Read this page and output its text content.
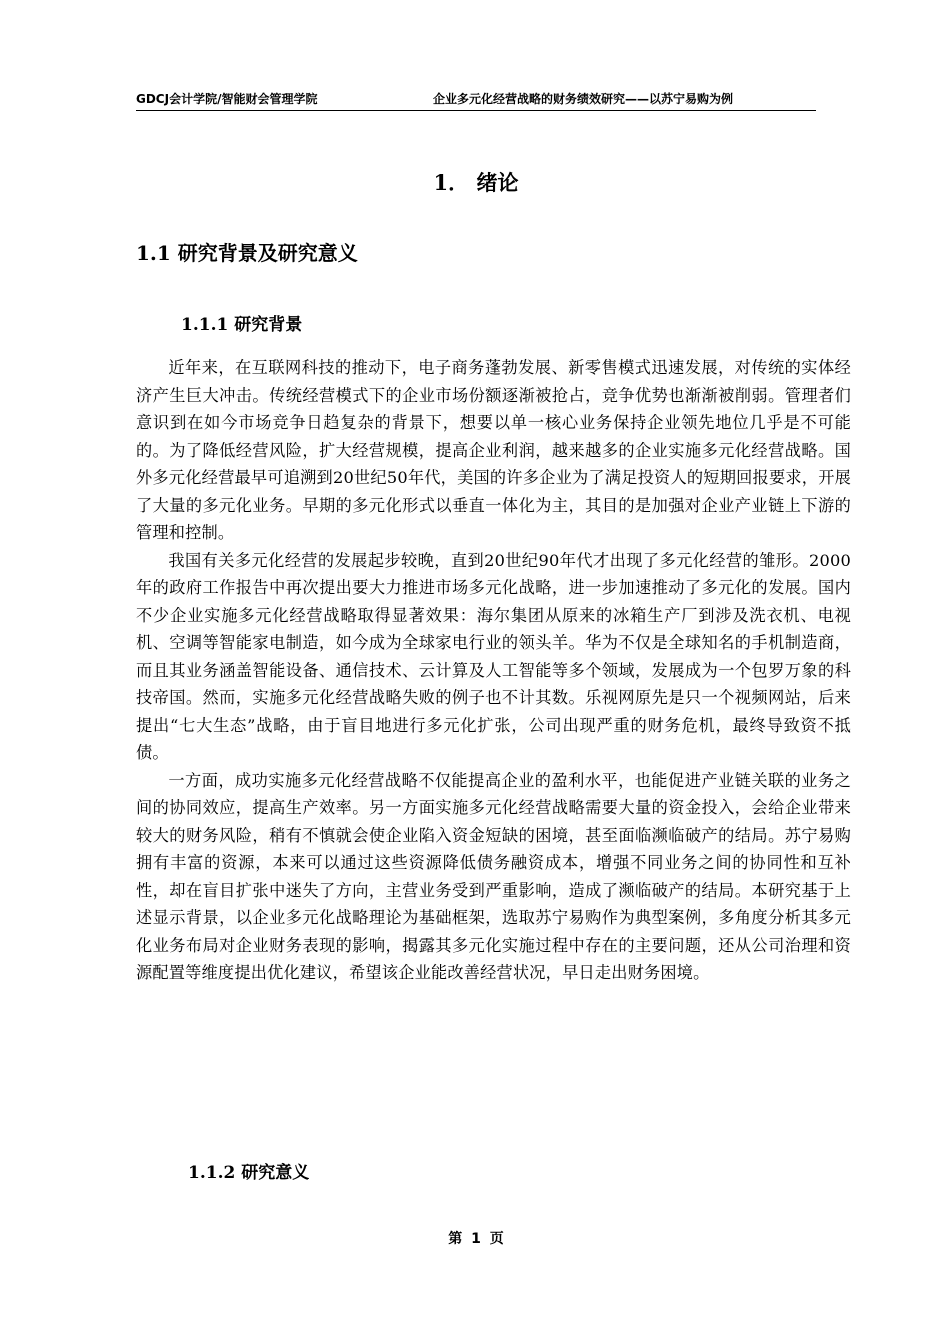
GDCJ会计学院/智能财会管理学院	企业多元化经营战略的财务绩效研究——以苏宁易购为例
1． 绪论
1.1 研究背景及研究意义
1.1.1 研究背景

近年来，在互联网科技的推动下，电子商务蓬勃发展、新零售模式迅速发展，对传统的实体经济产生巨大冲击。传统经营模式下的企业市场份额逐渐被抢占，竞争优势也渐渐被削弱。管理者们意识到在如今市场竞争日趋复杂的背景下，想要以单一核心业务保持企业领先地位几乎是不可能的。为了降低经营风险，扩大经营规模，提高企业利润，越来越多的企业实施多元化经营战略。国外多元化经营最早可追溯到20世纪50年代，美国的许多企业为了满足投资人的短期回报要求，开展了大量的多元化业务。早期的多元化形式以垂直一体化为主，其目的是加强对企业产业链上下游的管理和控制。

我国有关多元化经营的发展起步较晚，直到20世纪90年代才出现了多元化经营的雏形。2000年的政府工作报告中再次提出要大力推进市场多元化战略，进一步加速推动了多元化的发展。国内不少企业实施多元化经营战略取得显著效果：海尔集团从原来的冰箱生产厂到涉及洗衣机、电视机、空调等智能家电制造，如今成为全球家电行业的领头羊。华为不仅是全球知名的手机制造商，而且其业务涵盖智能设备、通信技术、云计算及人工智能等多个领域，发展成为一个包罗万象的科技帝国。然而，实施多元化经营战略失败的例子也不计其数。乐视网原先是只一个视频网站，后来提出“七大生态”战略，由于盲目地进行多元化扩张，公司出现严重的财务危机，最终导致资不抵债。

一方面，成功实施多元化经营战略不仅能提高企业的盈利水平，也能促进产业链关联的业务之间的协同效应，提高生产效率。另一方面实施多元化经营战略需要大量的资金投入，会给企业带来较大的财务风险，稍有不慎就会使企业陷入资金短缺的困境，甚至面临濒临破产的结局。苏宁易购拥有丰富的资源，本来可以通过这些资源降低债务融资成本，增强不同业务之间的协同性和互补性，却在盲目扩张中迷失了方向，主营业务受到严重影响，造成了濒临破产的结局。本研究基于上述显示背景，以企业多元化战略理论为基础框架，选取苏宁易购作为典型案例，多角度分析其多元化业务布局对企业财务表现的影响，揭露其多元化实施过程中存在的主要问题，还从公司治理和资源配置等维度提出优化建议，希望该企业能改善经营状况，早日走出财务困境。

1.1.2 研究意义
第 1 页
